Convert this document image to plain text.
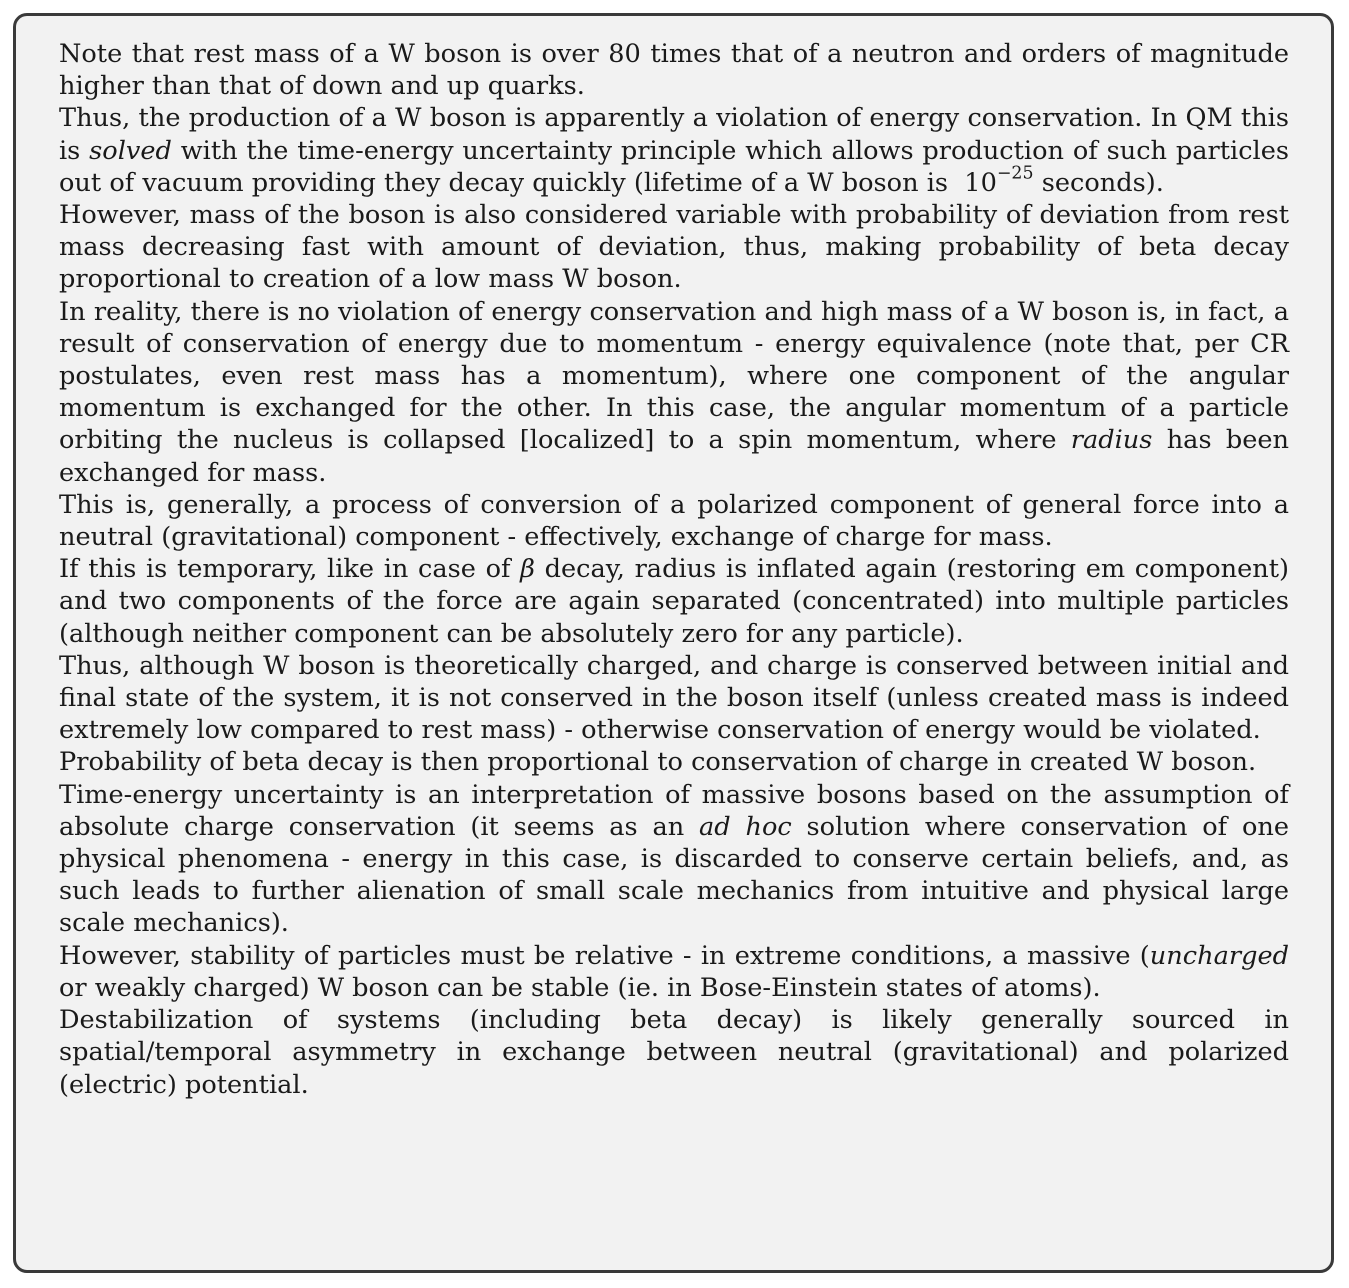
Note that rest mass of a W boson is over 80 times that of a neutron and orders of magnitude higher than that of down and up quarks.

Thus, the production of a W boson is apparently a violation of energy conservation. In QM this is solved with the time-energy uncertainty principle which allows production of such particles out of vacuum providing they decay quickly (lifetime of a W boson is  $10^{-25}$ seconds).

However, mass of the boson is also considered variable with probability of deviation from rest mass decreasing fast with amount of deviation, thus, making probability of beta decay proportional to creation of a low mass W boson.

In reality, there is no violation of energy conservation and high mass of a W boson is, in fact, a result of conservation of energy due to momentum - energy equivalence (note that, per CR postulates, even rest mass has a momentum), where one component of the angular momentum is exchanged for the other. In this case, the angular momentum of a particle orbiting the nucleus is collapsed [localized] to a spin momentum, where radius has been exchanged for mass.

This is, generally, a process of conversion of a polarized component of general force into a neutral (gravitational) component - effectively, exchange of charge for mass.

If this is temporary, like in case of β decay, radius is inflated again (restoring em component) and two components of the force are again separated (concentrated) into multiple particles (although neither component can be absolutely zero for any particle).

Thus, although W boson is theoretically charged, and charge is conserved between initial and final state of the system, it is not conserved in the boson itself (unless created mass is indeed extremely low compared to rest mass) - otherwise conservation of energy would be violated.

Probability of beta decay is then proportional to conservation of charge in created W boson.

Time-energy uncertainty is an interpretation of massive bosons based on the assumption of absolute charge conservation (it seems as an ad hoc solution where conservation of one physical phenomena - energy in this case, is discarded to conserve certain beliefs, and, as such leads to further alienation of small scale mechanics from intuitive and physical large scale mechanics).

However, stability of particles must be relative - in extreme conditions, a massive (uncharged or weakly charged) W boson can be stable (ie. in Bose-Einstein states of atoms).

Destabilization of systems (including beta decay) is likely generally sourced in spatial/temporal asymmetry in exchange between neutral (gravitational) and polarized (electric) potential.
